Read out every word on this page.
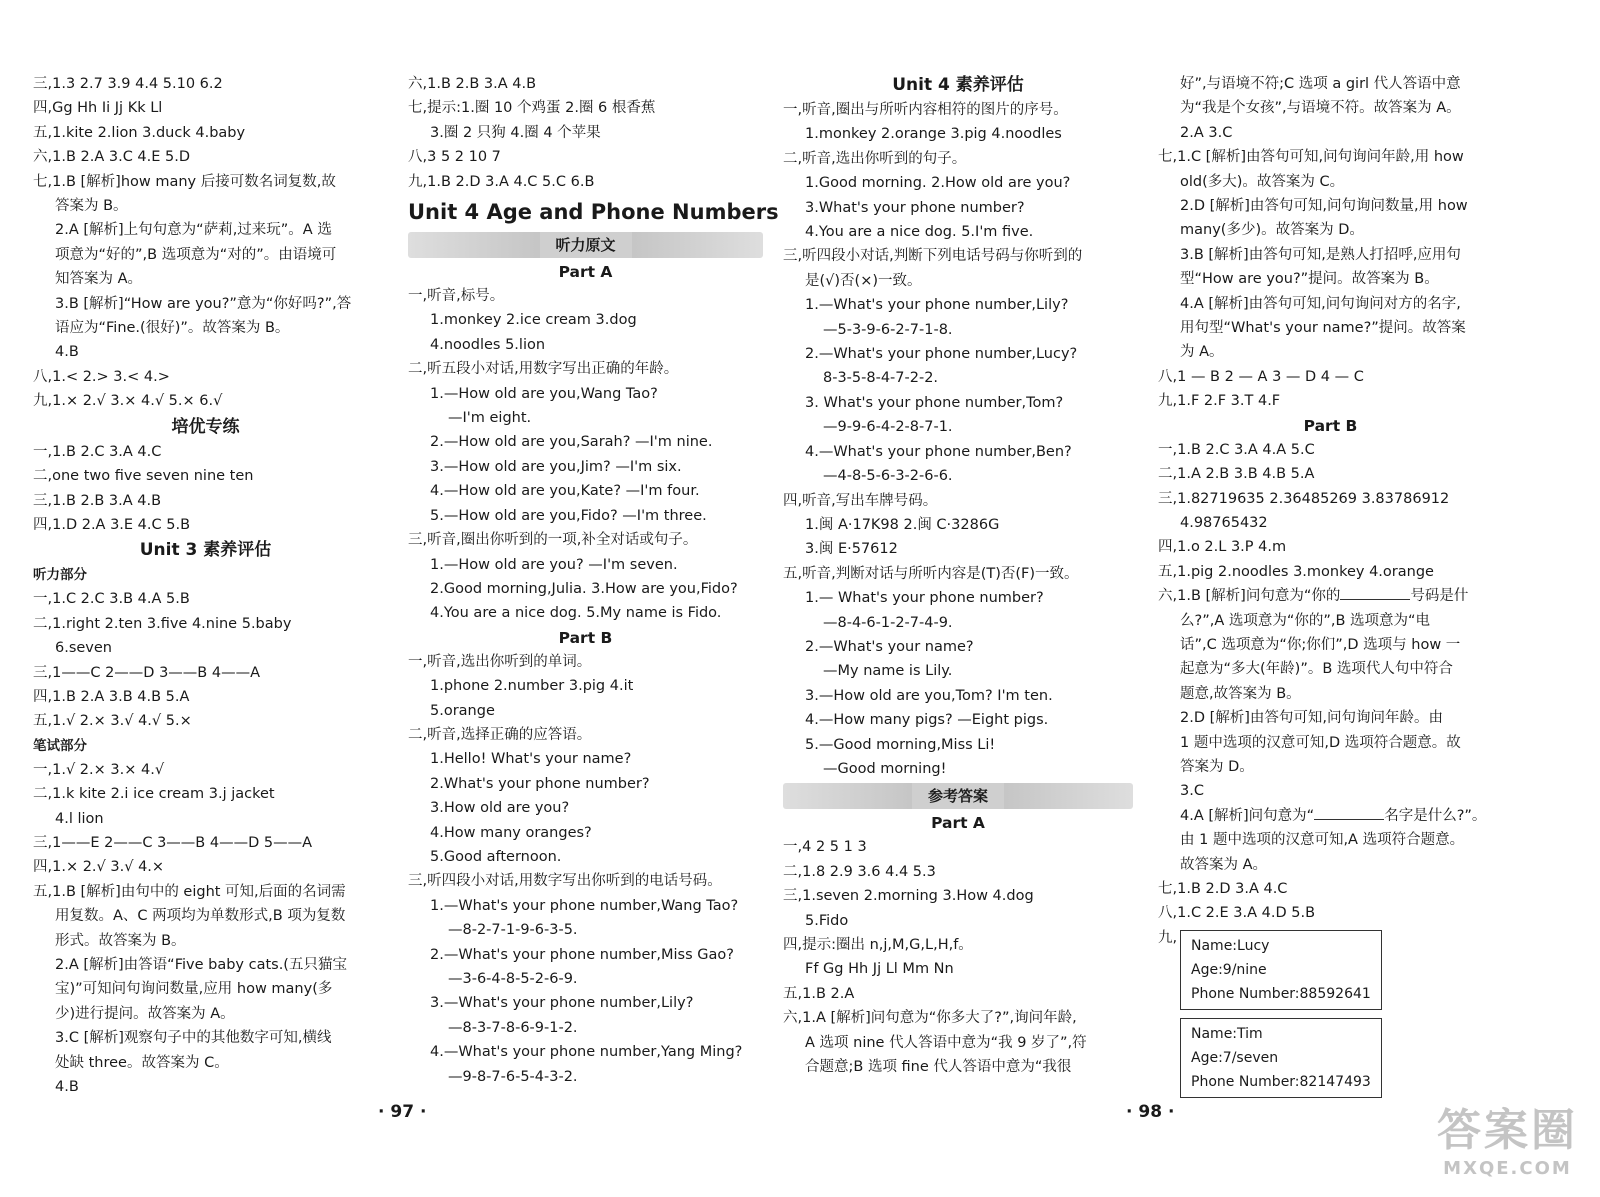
三,1.3 2.7 3.9 4.4 5.10 6.2
四,Gg Hh Ii Jj Kk Ll
五,1.kite 2.lion 3.duck 4.baby
六,1.B 2.A 3.C 4.E 5.D
七,1.B [解析]how many 后接可数名词复数,故
答案为 B。
2.A [解析]上句句意为“萨莉,过来玩”。A 选
项意为“好的”,B 选项意为“对的”。由语境可
知答案为 A。
3.B [解析]“How are you?”意为“你好吗?”,答
语应为“Fine.(很好)”。故答案为 B。
4.B
八,1.< 2.> 3.< 4.>
九,1.× 2.√ 3.× 4.√ 5.× 6.√
培优专练
一,1.B 2.C 3.A 4.C
二,one two five seven nine ten
三,1.B 2.B 3.A 4.B
四,1.D 2.A 3.E 4.C 5.B
Unit 3 素养评估
听力部分
一,1.C 2.C 3.B 4.A 5.B
二,1.right 2.ten 3.five 4.nine 5.baby
6.seven
三,1——C 2——D 3——B 4——A
四,1.B 2.A 3.B 4.B 5.A
五,1.√ 2.× 3.√ 4.√ 5.×
笔试部分
一,1.√ 2.× 3.× 4.√
二,1.k kite 2.i ice cream 3.j jacket
4.l lion
三,1——E 2——C 3——B 4——D 5——A
四,1.× 2.√ 3.√ 4.×
五,1.B [解析]由句中的 eight 可知,后面的名词需
用复数。A、C 两项均为单数形式,B 项为复数
形式。故答案为 B。
2.A [解析]由答语“Five baby cats.(五只猫宝
宝)”可知问句询问数量,应用 how many(多
少)进行提问。故答案为 A。
3.C [解析]观察句子中的其他数字可知,横线
处缺 three。故答案为 C。
4.B
六,1.B 2.B 3.A 4.B
七,提示:1.圈 10 个鸡蛋 2.圈 6 根香蕉
3.圈 2 只狗 4.圈 4 个苹果
八,3 5 2 10 7
九,1.B 2.D 3.A 4.C 5.C 6.B
Unit 4 Age and Phone Numbers
听力原文
Part A
一,听音,标号。
1.monkey 2.ice cream 3.dog
4.noodles 5.lion
二,听五段小对话,用数字写出正确的年龄。
1.—How old are you,Wang Tao?
—I'm eight.
2.—How old are you,Sarah? —I'm nine.
3.—How old are you,Jim? —I'm six.
4.—How old are you,Kate? —I'm four.
5.—How old are you,Fido? —I'm three.
三,听音,圈出你听到的一项,补全对话或句子。
1.—How old are you? —I'm seven.
2.Good morning,Julia. 3.How are you,Fido?
4.You are a nice dog. 5.My name is Fido.
Part B
一,听音,选出你听到的单词。
1.phone 2.number 3.pig 4.it
5.orange
二,听音,选择正确的应答语。
1.Hello! What's your name?
2.What's your phone number?
3.How old are you?
4.How many oranges?
5.Good afternoon.
三,听四段小对话,用数字写出你听到的电话号码。
1.—What's your phone number,Wang Tao?
—8-2-7-1-9-6-3-5.
2.—What's your phone number,Miss Gao?
—3-6-4-8-5-2-6-9.
3.—What's your phone number,Lily?
—8-3-7-8-6-9-1-2.
4.—What's your phone number,Yang Ming?
—9-8-7-6-5-4-3-2.
Unit 4 素养评估
一,听音,圈出与所听内容相符的图片的序号。
1.monkey 2.orange 3.pig 4.noodles
二,听音,选出你听到的句子。
1.Good morning. 2.How old are you?
3.What's your phone number?
4.You are a nice dog. 5.I'm five.
三,听四段小对话,判断下列电话号码与你听到的
是(√)否(×)一致。
1.—What's your phone number,Lily?
—5-3-9-6-2-7-1-8.
2.—What's your phone number,Lucy?
8-3-5-8-4-7-2-2.
3. What's your phone number,Tom?
—9-9-6-4-2-8-7-1.
4.—What's your phone number,Ben?
—4-8-5-6-3-2-6-6.
四,听音,写出车牌号码。
1.闽 A·17K98 2.闽 C·3286G
3.闽 E·57612
五,听音,判断对话与所听内容是(T)否(F)一致。
1.— What's your phone number?
—8-4-6-1-2-7-4-9.
2.—What's your name?
—My name is Lily.
3.—How old are you,Tom? I'm ten.
4.—How many pigs? —Eight pigs.
5.—Good morning,Miss Li!
—Good morning!
参考答案
Part A
一,4 2 5 1 3
二,1.8 2.9 3.6 4.4 5.3
三,1.seven 2.morning 3.How 4.dog
5.Fido
四,提示:圈出 n,j,M,G,L,H,f。
Ff Gg Hh Jj Ll Mm Nn
五,1.B 2.A
六,1.A [解析]问句意为“你多大了?”,询问年龄,
A 选项 nine 代人答语中意为“我 9 岁了”,符
合题意;B 选项 fine 代人答语中意为“我很
好”,与语境不符;C 选项 a girl 代人答语中意
为“我是个女孩”,与语境不符。故答案为 A。
2.A 3.C
七,1.C [解析]由答句可知,问句询问年龄,用 how
old(多大)。故答案为 C。
2.D [解析]由答句可知,问句询问数量,用 how
many(多少)。故答案为 D。
3.B [解析]由答句可知,是熟人打招呼,应用句
型“How are you?”提问。故答案为 B。
4.A [解析]由答句可知,问句询问对方的名字,
用句型“What's your name?”提问。故答案
为 A。
八,1 — B 2 — A 3 — D 4 — C
九,1.F 2.F 3.T 4.F
Part B
一,1.B 2.C 3.A 4.A 5.C
二,1.A 2.B 3.B 4.B 5.A
三,1.82719635 2.36485269 3.83786912
4.98765432
四,1.o 2.L 3.P 4.m
五,1.pig 2.noodles 3.monkey 4.orange
六,1.B [解析]问句意为“你的	号码是什
么?”,A 选项意为“你的”,B 选项意为“电
话”,C 选项意为“你;你们”,D 选项与 how 一
起意为“多大(年龄)”。B 选项代人句中符合
题意,故答案为 B。
2.D [解析]由答句可知,问句询问年龄。由
1 题中选项的汉意可知,D 选项符合题意。故
答案为 D。
3.C
4.A [解析]问句意为“	名字是什么?”。
由 1 题中选项的汉意可知,A 选项符合题意。
故答案为 A。
七,1.B 2.D 3.A 4.C
八,1.C 2.E 3.A 4.D 5.B
九, Name:Lucy
Age:9/nine
Phone Number:88592641
Name:Tim
Age:7/seven
Phone Number:82147493
· 97 ·	· 98 ·	答案圈
MXQE.COM
